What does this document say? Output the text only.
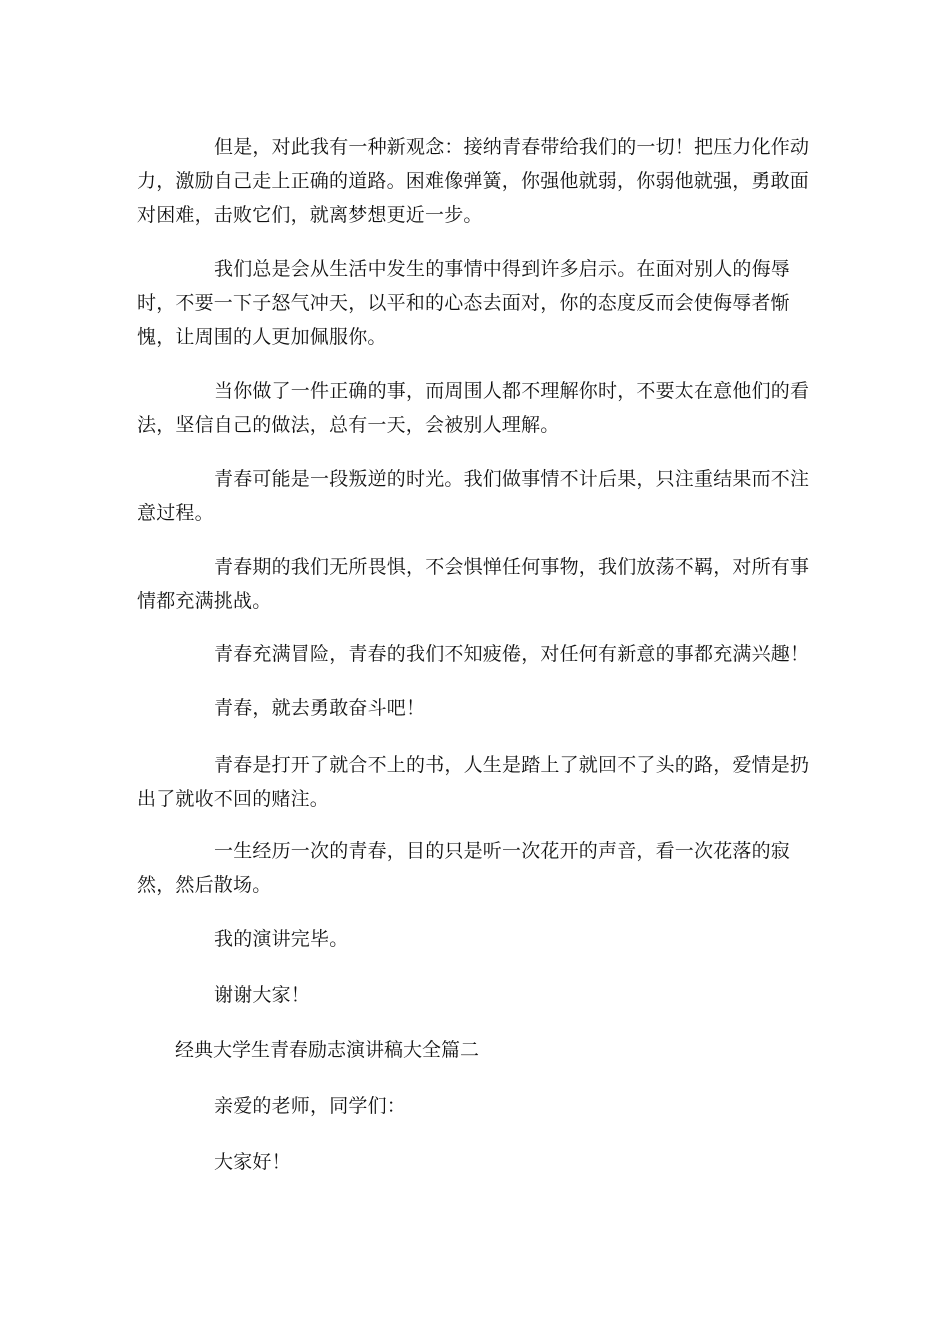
但是，对此我有一种新观念：接纳青春带给我们的一切！把压力化作动力，激励自己走上正确的道路。困难像弹簧，你强他就弱，你弱他就强，勇敢面对困难，击败它们，就离梦想更近一步。

我们总是会从生活中发生的事情中得到许多启示。在面对别人的侮辱时，不要一下子怒气冲天，以平和的心态去面对，你的态度反而会使侮辱者惭愧，让周围的人更加佩服你。

当你做了一件正确的事，而周围人都不理解你时，不要太在意他们的看法，坚信自己的做法，总有一天，会被别人理解。

青春可能是一段叛逆的时光。我们做事情不计后果，只注重结果而不注意过程。

青春期的我们无所畏惧，不会惧惮任何事物，我们放荡不羁，对所有事情都充满挑战。

青春充满冒险，青春的我们不知疲倦，对任何有新意的事都充满兴趣！

青春，就去勇敢奋斗吧！

青春是打开了就合不上的书，人生是踏上了就回不了头的路，爱情是扔出了就收不回的赌注。

一生经历一次的青春，目的只是听一次花开的声音，看一次花落的寂然，然后散场。

我的演讲完毕。

谢谢大家！

经典大学生青春励志演讲稿大全篇二

亲爱的老师，同学们：

大家好！
